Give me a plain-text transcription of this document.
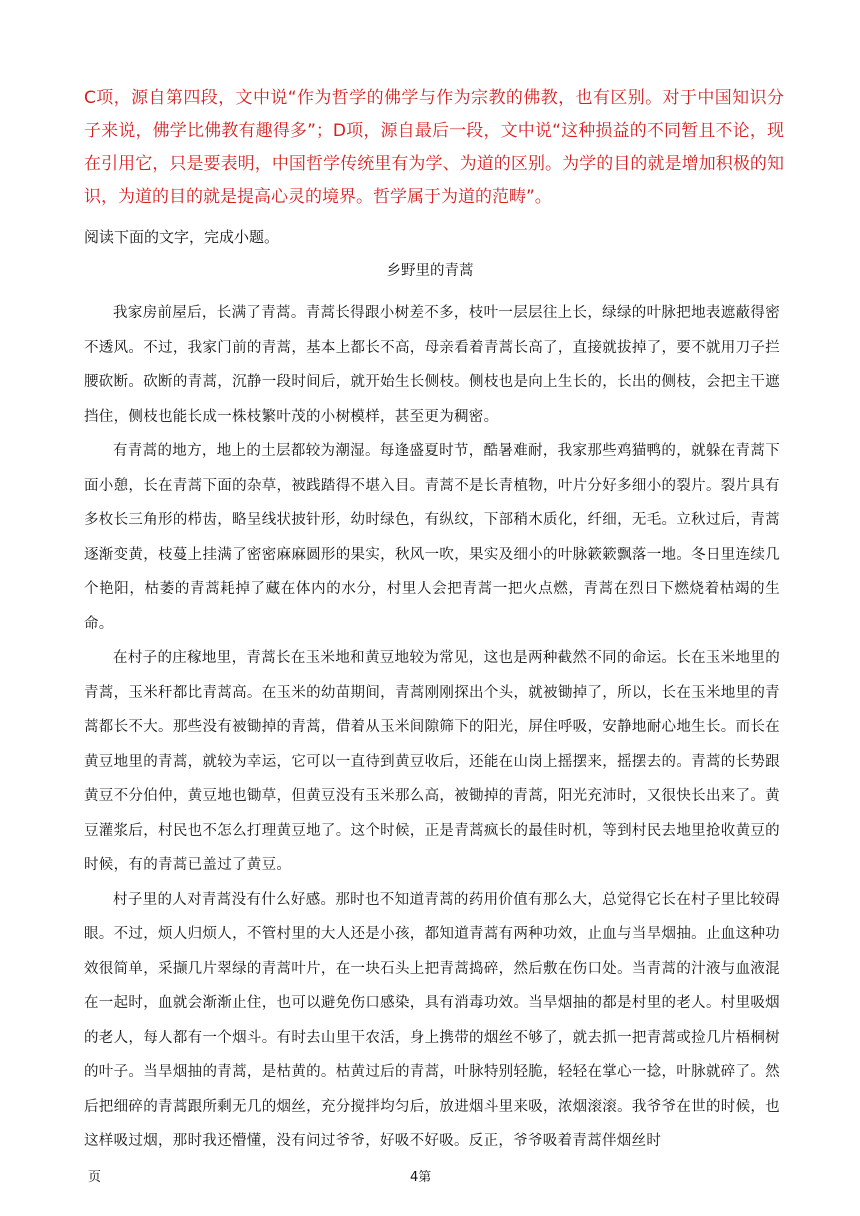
C项，源自第四段，文中说“作为哲学的佛学与作为宗教的佛教，也有区别。对于中国知识分子来说，佛学比佛教有趣得多”；D项，源自最后一段，文中说“这种损益的不同暂且不论，现在引用它，只是要表明，中国哲学传统里有为学、为道的区别。为学的目的就是增加积极的知识，为道的目的就是提高心灵的境界。哲学属于为道的范畴”。
阅读下面的文字，完成小题。
乡野里的青蒿

我家房前屋后，长满了青蒿。青蒿长得跟小树差不多，枝叶一层层往上长，绿绿的叶脉把地表遮蔽得密不透风。不过，我家门前的青蒿，基本上都长不高，母亲看着青蒿长高了，直接就拔掉了，要不就用刀子拦腰砍断。砍断的青蒿，沉静一段时间后，就开始生长侧枝。侧枝也是向上生长的，长出的侧枝，会把主干遮挡住，侧枝也能长成一株枝繁叶茂的小树模样，甚至更为稠密。

有青蒿的地方，地上的土层都较为潮湿。每逢盛夏时节，酷暑难耐，我家那些鸡猫鸭的，就躲在青蒿下面小憩，长在青蒿下面的杂草，被践踏得不堪入目。青蒿不是长青植物，叶片分好多细小的裂片。裂片具有多枚长三角形的栉齿，略呈线状披针形，幼时绿色，有纵纹，下部稍木质化，纤细，无毛。立秋过后，青蒿逐渐变黄，枝蔓上挂满了密密麻麻圆形的果实，秋风一吹，果实及细小的叶脉簌簌飘落一地。冬日里连续几个艳阳，枯萎的青蒿耗掉了藏在体内的水分，村里人会把青蒿一把火点燃，青蒿在烈日下燃烧着枯竭的生命。

在村子的庄稼地里，青蒿长在玉米地和黄豆地较为常见，这也是两种截然不同的命运。长在玉米地里的青蒿，玉米秆都比青蒿高。在玉米的幼苗期间，青蒿刚刚探出个头，就被锄掉了，所以，长在玉米地里的青蒿都长不大。那些没有被锄掉的青蒿，借着从玉米间隙筛下的阳光，屏住呼吸，安静地耐心地生长。而长在黄豆地里的青蒿，就较为幸运，它可以一直待到黄豆收后，还能在山岗上摇摆来，摇摆去的。青蒿的长势跟黄豆不分伯仲，黄豆地也锄草，但黄豆没有玉米那么高，被锄掉的青蒿，阳光充沛时，又很快长出来了。黄豆灌浆后，村民也不怎么打理黄豆地了。这个时候，正是青蒿疯长的最佳时机，等到村民去地里抢收黄豆的时候，有的青蒿已盖过了黄豆。

村子里的人对青蒿没有什么好感。那时也不知道青蒿的药用价值有那么大，总觉得它长在村子里比较碍眼。不过，烦人归烦人，不管村里的大人还是小孩，都知道青蒿有两种功效，止血与当旱烟抽。止血这种功效很简单，采撷几片翠绿的青蒿叶片，在一块石头上把青蒿捣碎，然后敷在伤口处。当青蒿的汁液与血液混在一起时，血就会渐渐止住，也可以避免伤口感染，具有消毒功效。当旱烟抽的都是村里的老人。村里吸烟的老人，每人都有一个烟斗。有时去山里干农活，身上携带的烟丝不够了，就去抓一把青蒿或捡几片梧桐树的叶子。当旱烟抽的青蒿，是枯黄的。枯黄过后的青蒿，叶脉特别轻脆，轻轻在掌心一捻，叶脉就碎了。然后把细碎的青蒿跟所剩无几的烟丝，充分搅拌均匀后，放进烟斗里来吸，浓烟滚滚。我爷爷在世的时候，也这样吸过烟，那时我还懵懂，没有问过爷爷，好吸不好吸。反正，爷爷吸着青蒿伴烟丝时

页	4第
